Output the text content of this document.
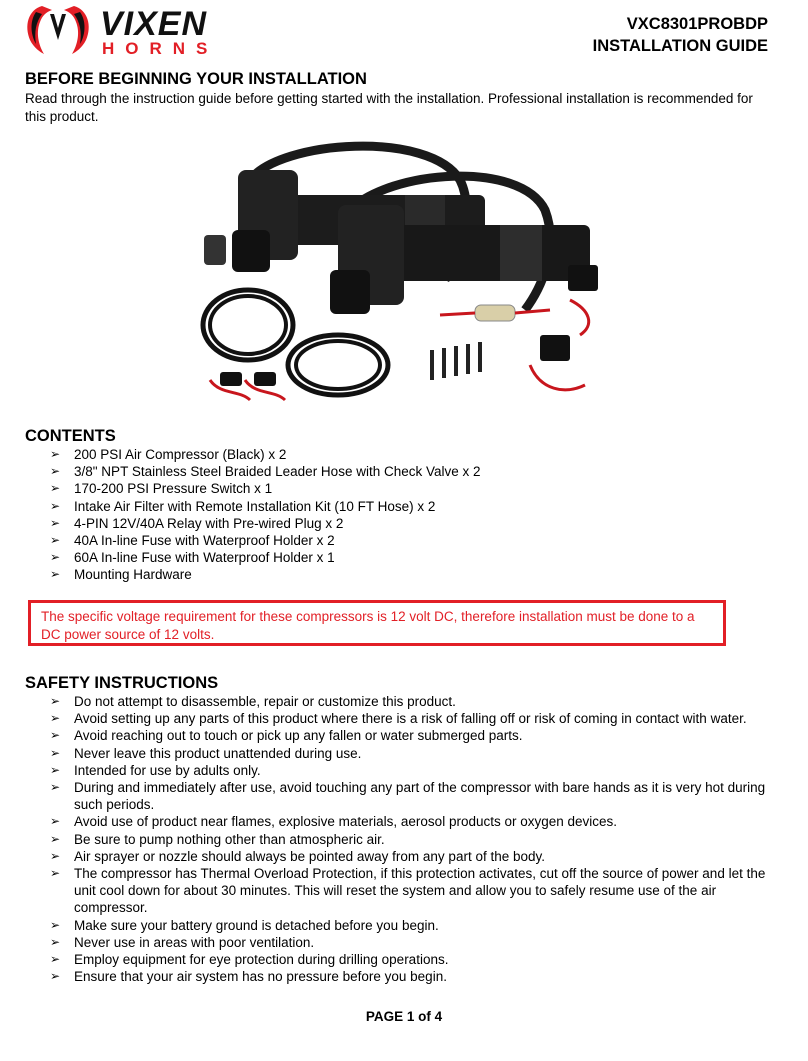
VIXEN
HORNS
VXC8301PROBDP
INSTALLATION GUIDE
BEFORE BEGINNING YOUR INSTALLATION

Read through the instruction guide before getting started with the installation. Professional installation is recommended for this product.

CONTENTS
➢ 200 PSI Air Compressor (Black) x 2
➢ 3/8" NPT Stainless Steel Braided Leader Hose with Check Valve x 2
➢ 170-200 PSI Pressure Switch x 1
➢ Intake Air Filter with Remote Installation Kit (10 FT Hose) x 2
➢ 4-PIN 12V/40A Relay with Pre-wired Plug x 2
➢ 40A In-line Fuse with Waterproof Holder x 2
➢ 60A In-line Fuse with Waterproof Holder x 1
➢ Mounting Hardware
The specific voltage requirement for these compressors is 12 volt DC, therefore installation must be done to a DC power source of 12 volts.
SAFETY INSTRUCTIONS
➢ Do not attempt to disassemble, repair or customize this product.
➢ Avoid setting up any parts of this product where there is a risk of falling off or risk of coming in contact with water.
➢ Avoid reaching out to touch or pick up any fallen or water submerged parts.
➢ Never leave this product unattended during use.
➢ Intended for use by adults only.
➢ During and immediately after use, avoid touching any part of the compressor with bare hands as it is very hot during such periods.
➢ Avoid use of product near flames, explosive materials, aerosol products or oxygen devices.
➢ Be sure to pump nothing other than atmospheric air.
➢ Air sprayer or nozzle should always be pointed away from any part of the body.
➢ The compressor has Thermal Overload Protection, if this protection activates, cut off the source of power and let the unit cool down for about 30 minutes. This will reset the system and allow you to safely resume use of the air compressor.
➢ Make sure your battery ground is detached before you begin.
➢ Never use in areas with poor ventilation.
➢ Employ equipment for eye protection during drilling operations.
➢ Ensure that your air system has no pressure before you begin.
PAGE 1 of 4
